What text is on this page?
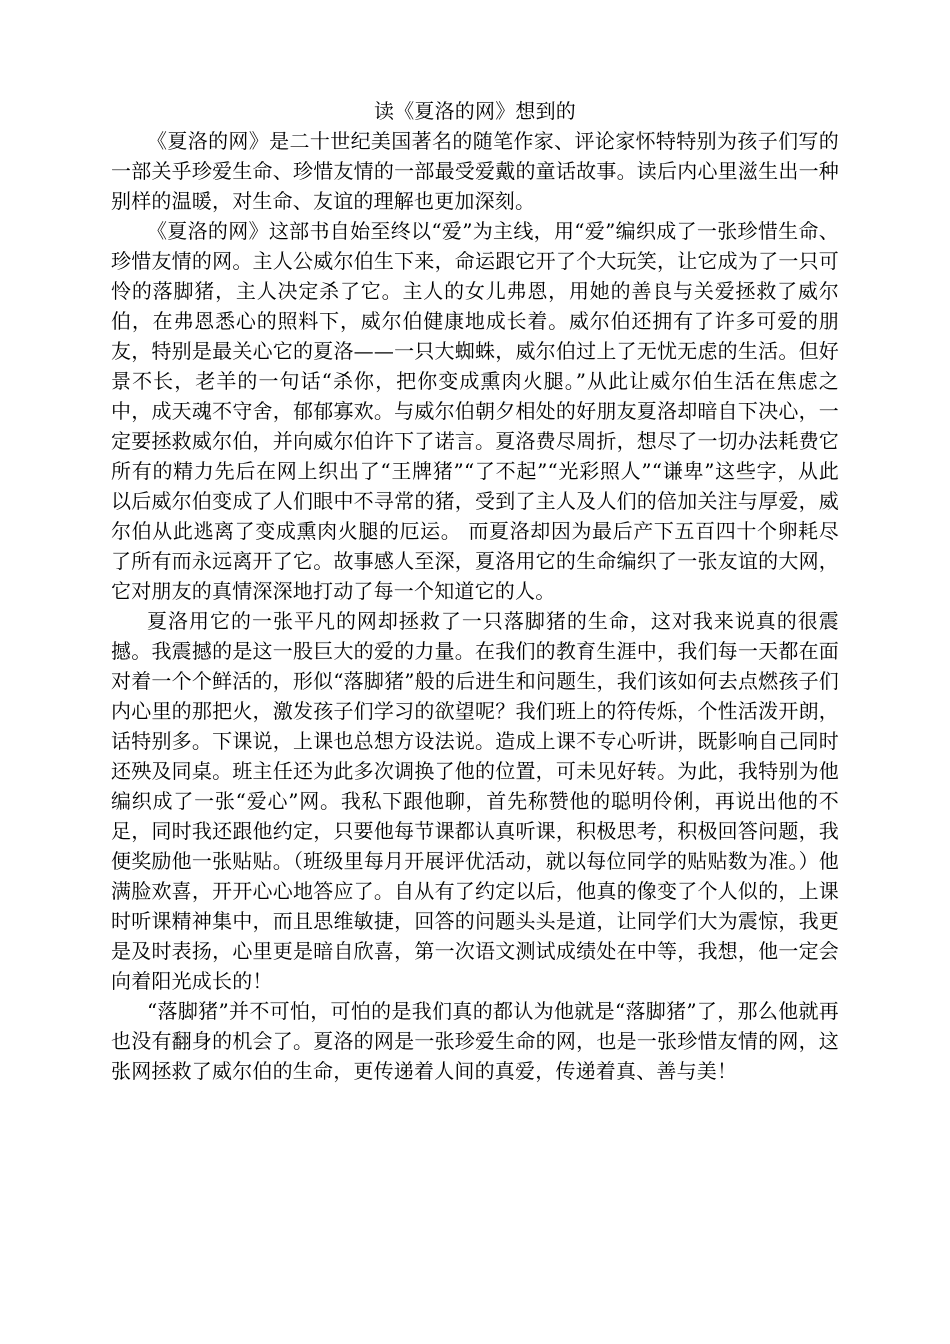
读《夏洛的网》想到的

《夏洛的网》是二十世纪美国著名的随笔作家、评论家怀特特别为孩子们写的一部关乎珍爱生命、珍惜友情的一部最受爱戴的童话故事。读后内心里滋生出一种别样的温暖，对生命、友谊的理解也更加深刻。

《夏洛的网》这部书自始至终以“爱”为主线，用“爱”编织成了一张珍惜生命、珍惜友情的网。主人公威尔伯生下来，命运跟它开了个大玩笑，让它成为了一只可怜的落脚猪，主人决定杀了它。主人的女儿弗恩，用她的善良与关爱拯救了威尔伯，在弗恩悉心的照料下，威尔伯健康地成长着。威尔伯还拥有了许多可爱的朋友，特别是最关心它的夏洛——一只大蜘蛛，威尔伯过上了无忧无虑的生活。但好景不长，老羊的一句话“杀你，把你变成熏肉火腿。”从此让威尔伯生活在焦虑之中，成天魂不守舍，郁郁寡欢。与威尔伯朝夕相处的好朋友夏洛却暗自下决心，一定要拯救威尔伯，并向威尔伯许下了诺言。夏洛费尽周折，想尽了一切办法耗费它所有的精力先后在网上织出了“王牌猪”“了不起”“光彩照人”“谦卑”这些字，从此以后威尔伯变成了人们眼中不寻常的猪，受到了主人及人们的倍加关注与厚爱，威尔伯从此逃离了变成熏肉火腿的厄运。 而夏洛却因为最后产下五百四十个卵耗尽了所有而永远离开了它。故事感人至深，夏洛用它的生命编织了一张友谊的大网，它对朋友的真情深深地打动了每一个知道它的人。

夏洛用它的一张平凡的网却拯救了一只落脚猪的生命，这对我来说真的很震撼。我震撼的是这一股巨大的爱的力量。在我们的教育生涯中，我们每一天都在面对着一个个鲜活的，形似“落脚猪”般的后进生和问题生，我们该如何去点燃孩子们内心里的那把火，激发孩子们学习的欲望呢？我们班上的符传烁，个性活泼开朗，话特别多。下课说，上课也总想方设法说。造成上课不专心听讲，既影响自己同时还殃及同桌。班主任还为此多次调换了他的位置，可未见好转。为此，我特别为他编织成了一张“爱心”网。我私下跟他聊，首先称赞他的聪明伶俐，再说出他的不足，同时我还跟他约定，只要他每节课都认真听课，积极思考，积极回答问题，我便奖励他一张贴贴。（班级里每月开展评优活动，就以每位同学的贴贴数为准。）他满脸欢喜，开开心心地答应了。自从有了约定以后，他真的像变了个人似的，上课时听课精神集中，而且思维敏捷，回答的问题头头是道，让同学们大为震惊，我更是及时表扬，心里更是暗自欣喜，第一次语文测试成绩处在中等，我想，他一定会向着阳光成长的！

“落脚猪”并不可怕，可怕的是我们真的都认为他就是“落脚猪”了，那么他就再也没有翻身的机会了。夏洛的网是一张珍爱生命的网，也是一张珍惜友情的网，这张网拯救了威尔伯的生命，更传递着人间的真爱，传递着真、善与美！
